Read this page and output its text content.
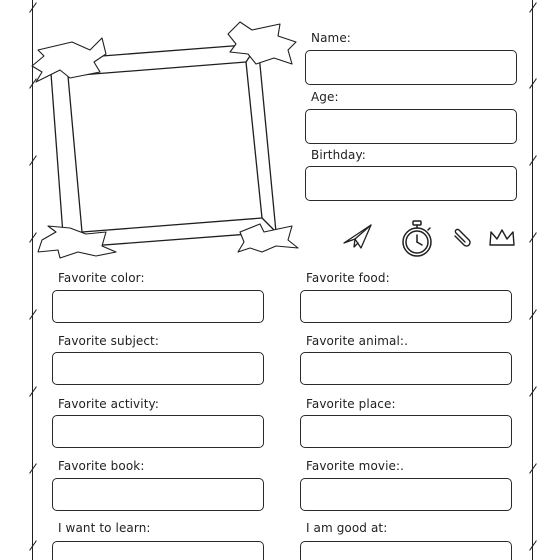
Name:
Age:
Birthday:
Favorite color:	Favorite food:
Favorite subject:	Favorite animal:.
Favorite activity:	Favorite place:
Favorite book:	Favorite movie:.
I want to learn:	I am good at:
